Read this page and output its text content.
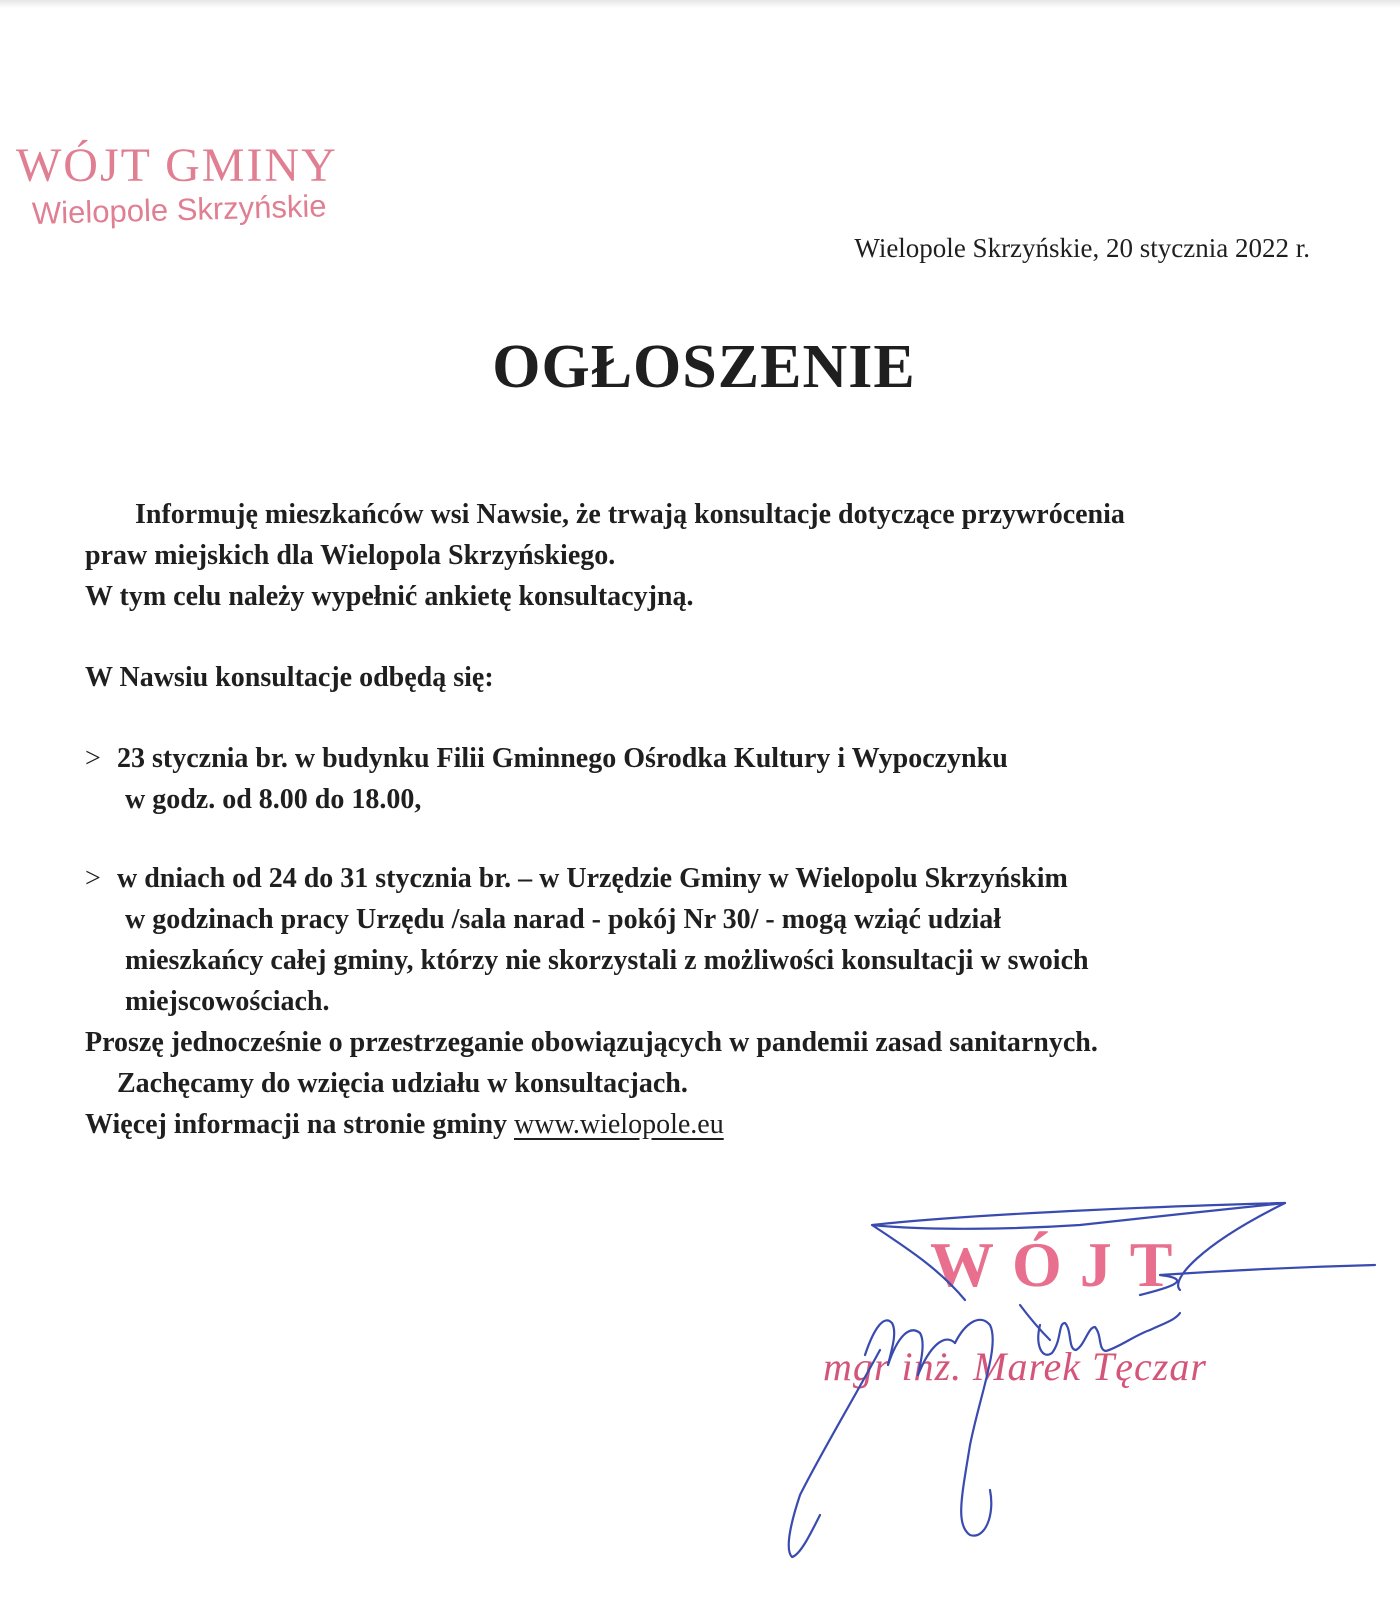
WÓJT GMINY
Wielopole Skrzyńskie
Wielopole Skrzyńskie, 20 stycznia 2022 r.
OGŁOSZENIE

Informuję mieszkańców wsi Nawsie, że trwają konsultacje dotyczące przywrócenia

praw miejskich dla Wielopola Skrzyńskiego.

W tym celu należy wypełnić ankietę konsultacyjną.

W Nawsiu konsultacje odbędą się:

> 23 stycznia br. w budynku Filii Gminnego Ośrodka Kultury i Wypoczynku
w godz. od 8.00 do 18.00,
> w dniach od 24 do 31 stycznia br. – w Urzędzie Gminy w Wielopolu Skrzyńskim
w godzinach pracy Urzędu /sala narad - pokój Nr 30/ - mogą wziąć udział
mieszkańcy całej gminy, którzy nie skorzystali z możliwości konsultacji w swoich
miejscowościach.

Proszę jednocześnie o przestrzeganie obowiązujących w pandemii zasad sanitarnych.

Zachęcamy do wzięcia udziału w konsultacjach.

Więcej informacji na stronie gminy www.wielopole.eu

WÓJT
mgr inż. Marek Tęczar
